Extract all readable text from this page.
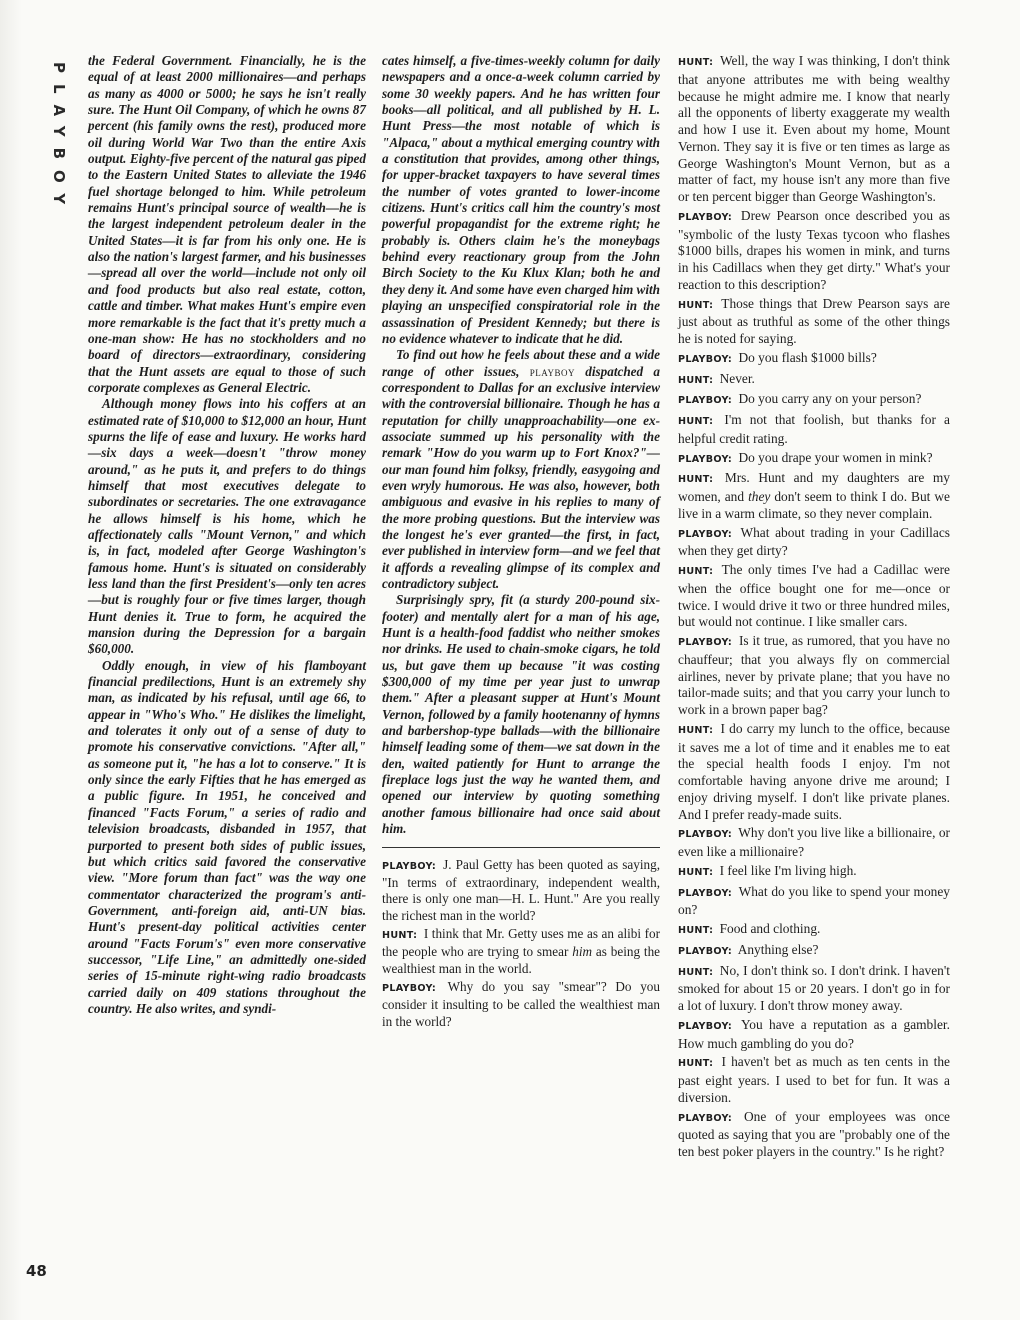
PLAYBOY
48

the Federal Government. Financially, he is the equal of at least 2000 millionaires—and perhaps as many as 4000 or 5000; he says he isn't really sure. The Hunt Oil Company, of which he owns 87 percent (his family owns the rest), produced more oil during World War Two than the entire Axis output. Eighty-five percent of the natural gas piped to the Eastern United States to alleviate the 1946 fuel shortage belonged to him. While petroleum remains Hunt's principal source of wealth—he is the largest independent petroleum dealer in the United States—it is far from his only one. He is also the nation's largest farmer, and his businesses—spread all over the world—include not only oil and food products but also real estate, cotton, cattle and timber. What makes Hunt's empire even more remarkable is the fact that it's pretty much a one-man show: He has no stockholders and no board of directors—extraordinary, considering that the Hunt assets are equal to those of such corporate complexes as General Electric.

Although money flows into his coffers at an estimated rate of $10,000 to $12,000 an hour, Hunt spurns the life of ease and luxury. He works hard—six days a week—doesn't "throw money around," as he puts it, and prefers to do things himself that most executives delegate to subordinates or secretaries. The one extravagance he allows himself is his home, which he affectionately calls "Mount Vernon," and which is, in fact, modeled after George Washington's famous home. Hunt's is situated on considerably less land than the first President's—only ten acres—but is roughly four or five times larger, though Hunt denies it. True to form, he acquired the mansion during the Depression for a bargain $60,000.

Oddly enough, in view of his flamboyant financial predilections, Hunt is an extremely shy man, as indicated by his refusal, until age 66, to appear in "Who's Who." He dislikes the limelight, and tolerates it only out of a sense of duty to promote his conservative convictions. "After all," as someone put it, "he has a lot to conserve." It is only since the early Fifties that he has emerged as a public figure. In 1951, he conceived and financed "Facts Forum," a series of radio and television broadcasts, disbanded in 1957, that purported to present both sides of public issues, but which critics said favored the conservative view. "More forum than fact" was the way one commentator characterized the program's anti-Government, anti-foreign aid, anti-UN bias. Hunt's present-day political activities center around "Facts Forum's" even more conservative successor, "Life Line," an admittedly one-sided series of 15-minute right-wing radio broadcasts carried daily on 409 stations throughout the country. He also writes, and syndi-

cates himself, a five-times-weekly column for daily newspapers and a once-a-week column carried by some 30 weekly papers. And he has written four books—all political, and all published by H. L. Hunt Press—the most notable of which is "Alpaca," about a mythical emerging country with a constitution that provides, among other things, for upper-bracket taxpayers to have several times the number of votes granted to lower-income citizens. Hunt's critics call him the country's most powerful propagandist for the extreme right; he probably is. Others claim he's the moneybags behind every reactionary group from the John Birch Society to the Ku Klux Klan; both he and they deny it. And some have even charged him with playing an unspecified conspiratorial role in the assassination of President Kennedy; but there is no evidence whatever to indicate that he did.

To find out how he feels about these and a wide range of other issues, playboy dispatched a correspondent to Dallas for an exclusive interview with the controversial billionaire. Though he has a reputation for chilly unapproachability—one ex-associate summed up his personality with the remark "How do you warm up to Fort Knox?"—our man found him folksy, friendly, easygoing and even wryly humorous. He was also, however, both ambiguous and evasive in his replies to many of the more probing questions. But the interview was the longest he's ever granted—the first, in fact, ever published in interview form—and we feel that it affords a revealing glimpse of its complex and contradictory subject.

Surprisingly spry, fit (a sturdy 200-pound six-footer) and mentally alert for a man of his age, Hunt is a health-food faddist who neither smokes nor drinks. He used to chain-smoke cigars, he told us, but gave them up because "it was costing $300,000 of my time per year just to unwrap them." After a pleasant supper at Hunt's Mount Vernon, followed by a family hootenanny of hymns and barbershop-type ballads—with the billionaire himself leading some of them—we sat down in the den, waited patiently for Hunt to arrange the fireplace logs just the way he wanted them, and opened our interview by quoting something another famous billionaire had once said about him.

PLAYBOY: J. Paul Getty has been quoted as saying, "In terms of extraordinary, independent wealth, there is only one man—H. L. Hunt." Are you really the richest man in the world?

HUNT: I think that Mr. Getty uses me as an alibi for the people who are trying to smear him as being the wealthiest man in the world.

PLAYBOY: Why do you say "smear"? Do you consider it insulting to be called the wealthiest man in the world?

HUNT: Well, the way I was thinking, I don't think that anyone attributes me with being wealthy because he might admire me. I know that nearly all the opponents of liberty exaggerate my wealth and how I use it. Even about my home, Mount Vernon. They say it is five or ten times as large as George Washington's Mount Vernon, but as a matter of fact, my house isn't any more than five or ten percent bigger than George Washington's.

PLAYBOY: Drew Pearson once described you as "symbolic of the lusty Texas tycoon who flashes $1000 bills, drapes his women in mink, and turns in his Cadillacs when they get dirty." What's your reaction to this description?

HUNT: Those things that Drew Pearson says are just about as truthful as some of the other things he is noted for saying.

PLAYBOY: Do you flash $1000 bills?

HUNT: Never.

PLAYBOY: Do you carry any on your person?

HUNT: I'm not that foolish, but thanks for a helpful credit rating.

PLAYBOY: Do you drape your women in mink?

HUNT: Mrs. Hunt and my daughters are my women, and they don't seem to think I do. But we live in a warm climate, so they never complain.

PLAYBOY: What about trading in your Cadillacs when they get dirty?

HUNT: The only times I've had a Cadillac were when the office bought one for me—once or twice. I would drive it two or three hundred miles, but would not continue. I like smaller cars.

PLAYBOY: Is it true, as rumored, that you have no chauffeur; that you always fly on commercial airlines, never by private plane; that you have no tailor-made suits; and that you carry your lunch to work in a brown paper bag?

HUNT: I do carry my lunch to the office, because it saves me a lot of time and it enables me to eat the special health foods I enjoy. I'm not comfortable having anyone drive me around; I enjoy driving myself. I don't like private planes. And I prefer ready-made suits.

PLAYBOY: Why don't you live like a billionaire, or even like a millionaire?

HUNT: I feel like I'm living high.

PLAYBOY: What do you like to spend your money on?

HUNT: Food and clothing.

PLAYBOY: Anything else?

HUNT: No, I don't think so. I don't drink. I haven't smoked for about 15 or 20 years. I don't go in for a lot of luxury. I don't throw money away.

PLAYBOY: You have a reputation as a gambler. How much gambling do you do?

HUNT: I haven't bet as much as ten cents in the past eight years. I used to bet for fun. It was a diversion.

PLAYBOY: One of your employees was once quoted as saying that you are "probably one of the ten best poker players in the country." Is he right?
